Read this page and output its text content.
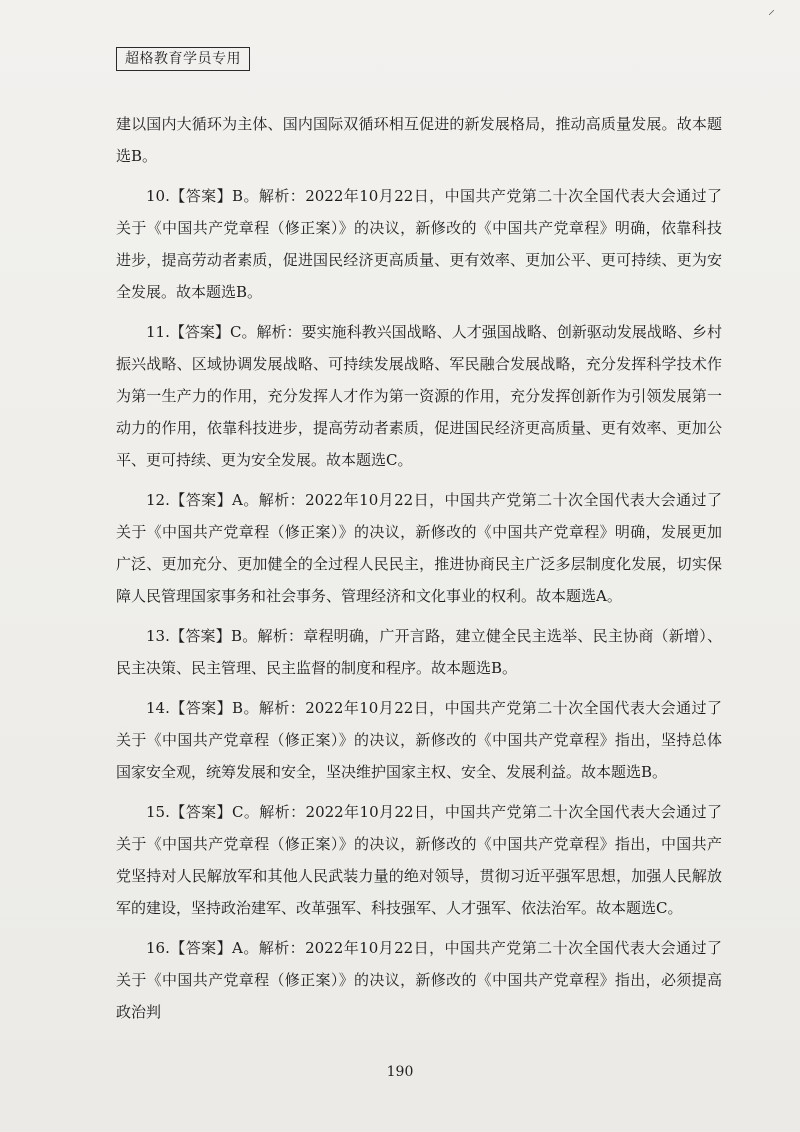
⸝
超格教育学员专用

建以国内大循环为主体、国内国际双循环相互促进的新发展格局，推动高质量发展。故本题选B。

10.【答案】B。解析：2022年10月22日，中国共产党第二十次全国代表大会通过了关于《中国共产党章程（修正案）》的决议，新修改的《中国共产党章程》明确，依靠科技进步，提高劳动者素质，促进国民经济更高质量、更有效率、更加公平、更可持续、更为安全发展。故本题选B。

11.【答案】C。解析：要实施科教兴国战略、人才强国战略、创新驱动发展战略、乡村振兴战略、区域协调发展战略、可持续发展战略、军民融合发展战略，充分发挥科学技术作为第一生产力的作用，充分发挥人才作为第一资源的作用，充分发挥创新作为引领发展第一动力的作用，依靠科技进步，提高劳动者素质，促进国民经济更高质量、更有效率、更加公平、更可持续、更为安全发展。故本题选C。

12.【答案】A。解析：2022年10月22日，中国共产党第二十次全国代表大会通过了关于《中国共产党章程（修正案）》的决议，新修改的《中国共产党章程》明确，发展更加广泛、更加充分、更加健全的全过程人民民主，推进协商民主广泛多层制度化发展，切实保障人民管理国家事务和社会事务、管理经济和文化事业的权利。故本题选A。

13.【答案】B。解析：章程明确，广开言路，建立健全民主选举、民主协商（新增）、民主决策、民主管理、民主监督的制度和程序。故本题选B。

14.【答案】B。解析：2022年10月22日，中国共产党第二十次全国代表大会通过了关于《中国共产党章程（修正案）》的决议，新修改的《中国共产党章程》指出，坚持总体国家安全观，统筹发展和安全，坚决维护国家主权、安全、发展利益。故本题选B。

15.【答案】C。解析：2022年10月22日，中国共产党第二十次全国代表大会通过了关于《中国共产党章程（修正案）》的决议，新修改的《中国共产党章程》指出，中国共产党坚持对人民解放军和其他人民武装力量的绝对领导，贯彻习近平强军思想，加强人民解放军的建设，坚持政治建军、改革强军、科技强军、人才强军、依法治军。故本题选C。

16.【答案】A。解析：2022年10月22日，中国共产党第二十次全国代表大会通过了关于《中国共产党章程（修正案）》的决议，新修改的《中国共产党章程》指出，必须提高政治判

190
